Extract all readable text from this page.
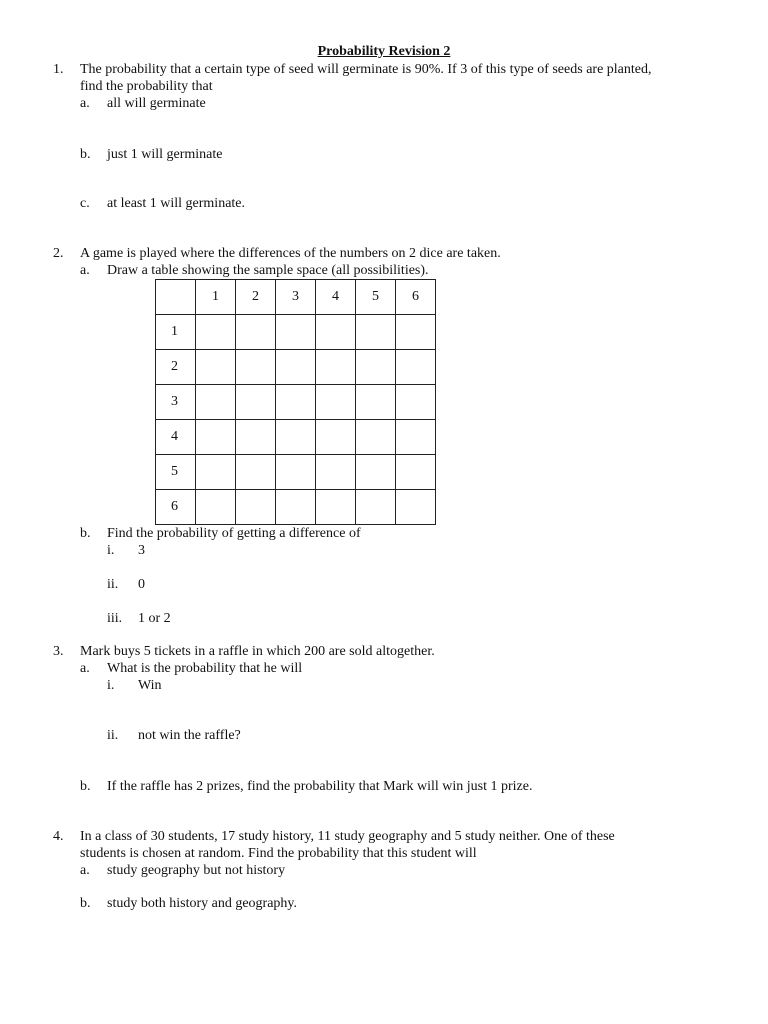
Probability Revision 2
1. The probability that a certain type of seed will germinate is 90%. If 3 of this type of seeds are planted,
find the probability that
a. all will germinate
b. just 1 will germinate
c. at least 1 will germinate.
2. A game is played where the differences of the numbers on 2 dice are taken.
a. Draw a table showing the sample space (all possibilities).
	1	2	3	4	5	6
1						
2						
3						
4						
5						
6						
b. Find the probability of getting a difference of
i. 3
ii. 0
iii. 1 or 2
3. Mark buys 5 tickets in a raffle in which 200 are sold altogether.
a. What is the probability that he will
i. Win
ii. not win the raffle?
b. If the raffle has 2 prizes, find the probability that Mark will win just 1 prize.
4. In a class of 30 students, 17 study history, 11 study geography and 5 study neither. One of these
students is chosen at random. Find the probability that this student will
a. study geography but not history
b. study both history and geography.
